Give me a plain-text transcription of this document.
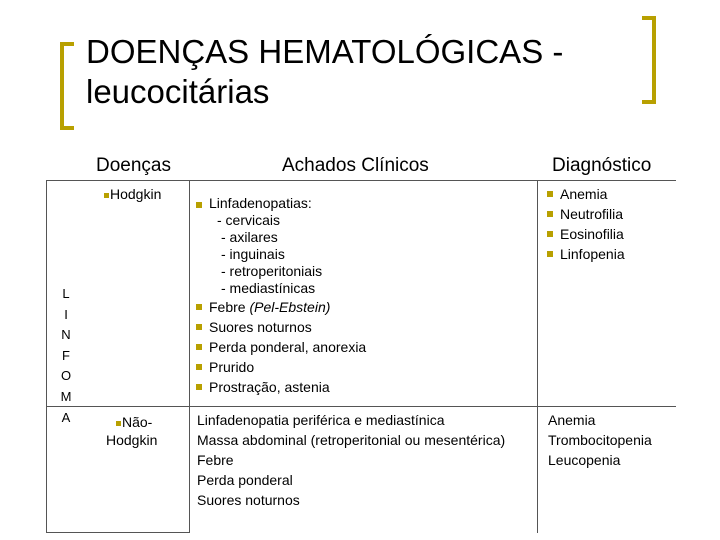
DOENÇAS HEMATOLÓGICAS -
leucocitárias
Doenças	Achados Clínicos	Diagnóstico
L
I
N
F
O
M
A
Hodgkin
Linfadenopatias:
- cervicais
- axilares
- inguinais
- retroperitoniais
- mediastínicas
Febre (Pel-Ebstein)
Suores noturnos
Perda ponderal, anorexia
Prurido
Prostração, astenia
Anemia
Neutrofilia
Eosinofilia
Linfopenia
Não-
Hodgkin
Linfadenopatia periférica e mediastínica
Massa abdominal (retroperitonial ou mesentérica)
Febre
Perda ponderal
Suores noturnos
Anemia
Trombocitopenia
Leucopenia
